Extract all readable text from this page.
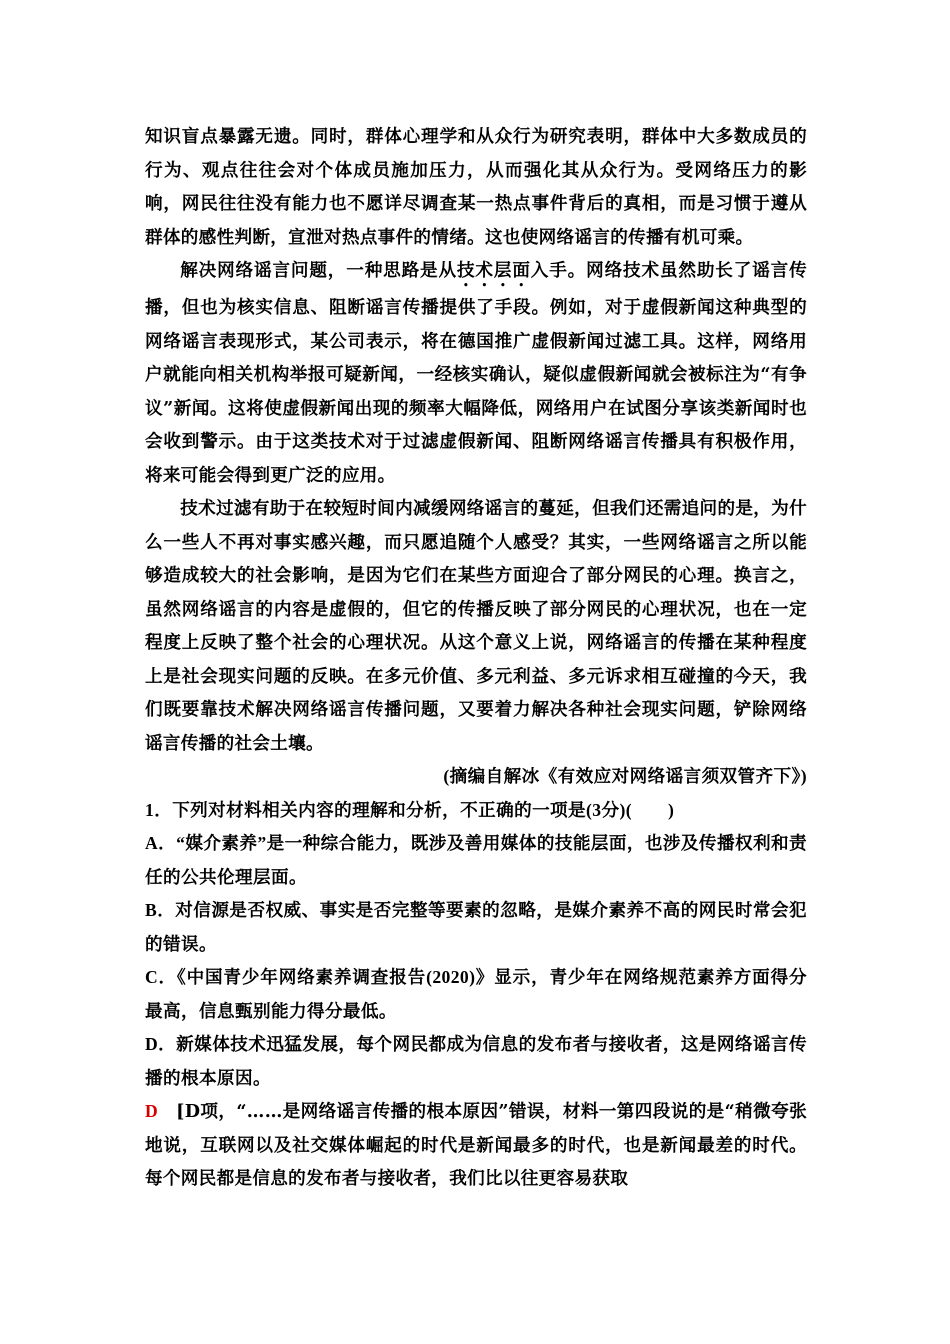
知识盲点暴露无遗。同时，群体心理学和从众行为研究表明，群体中大多数成员的行为、观点往往会对个体成员施加压力，从而强化其从众行为。受网络压力的影响，网民往往没有能力也不愿详尽调查某一热点事件背后的真相，而是习惯于遵从群体的感性判断，宣泄对热点事件的情绪。这也使网络谣言的传播有机可乘。

解决网络谣言问题，一种思路是从技术层面入手。网络技术虽然助长了谣言传播，但也为核实信息、阻断谣言传播提供了手段。例如，对于虚假新闻这种典型的网络谣言表现形式，某公司表示，将在德国推广虚假新闻过滤工具。这样，网络用户就能向相关机构举报可疑新闻，一经核实确认，疑似虚假新闻就会被标注为“有争议”新闻。这将使虚假新闻出现的频率大幅降低，网络用户在试图分享该类新闻时也会收到警示。由于这类技术对于过滤虚假新闻、阻断网络谣言传播具有积极作用，将来可能会得到更广泛的应用。

技术过滤有助于在较短时间内减缓网络谣言的蔓延，但我们还需追问的是，为什么一些人不再对事实感兴趣，而只愿追随个人感受？其实，一些网络谣言之所以能够造成较大的社会影响，是因为它们在某些方面迎合了部分网民的心理。换言之，虽然网络谣言的内容是虚假的，但它的传播反映了部分网民的心理状况，也在一定程度上反映了整个社会的心理状况。从这个意义上说，网络谣言的传播在某种程度上是社会现实问题的反映。在多元价值、多元利益、多元诉求相互碰撞的今天，我们既要靠技术解决网络谣言传播问题，又要着力解决各种社会现实问题，铲除网络谣言传播的社会土壤。

(摘编自解冰《有效应对网络谣言须双管齐下》)

1．下列对材料相关内容的理解和分析，不正确的一项是(3分)(　　)

A．“媒介素养”是一种综合能力，既涉及善用媒体的技能层面，也涉及传播权利和责任的公共伦理层面。

B．对信源是否权威、事实是否完整等要素的忽略，是媒介素养不高的网民时常会犯的错误。

C．《中国青少年网络素养调查报告(2020)》显示，青少年在网络规范素养方面得分最高，信息甄别能力得分最低。

D．新媒体技术迅猛发展，每个网民都成为信息的发布者与接收者，这是网络谣言传播的根本原因。

D　[D项，“……是网络谣言传播的根本原因”错误，材料一第四段说的是“稍微夸张地说，互联网以及社交媒体崛起的时代是新闻最多的时代，也是新闻最差的时代。每个网民都是信息的发布者与接收者，我们比以往更容易获取
